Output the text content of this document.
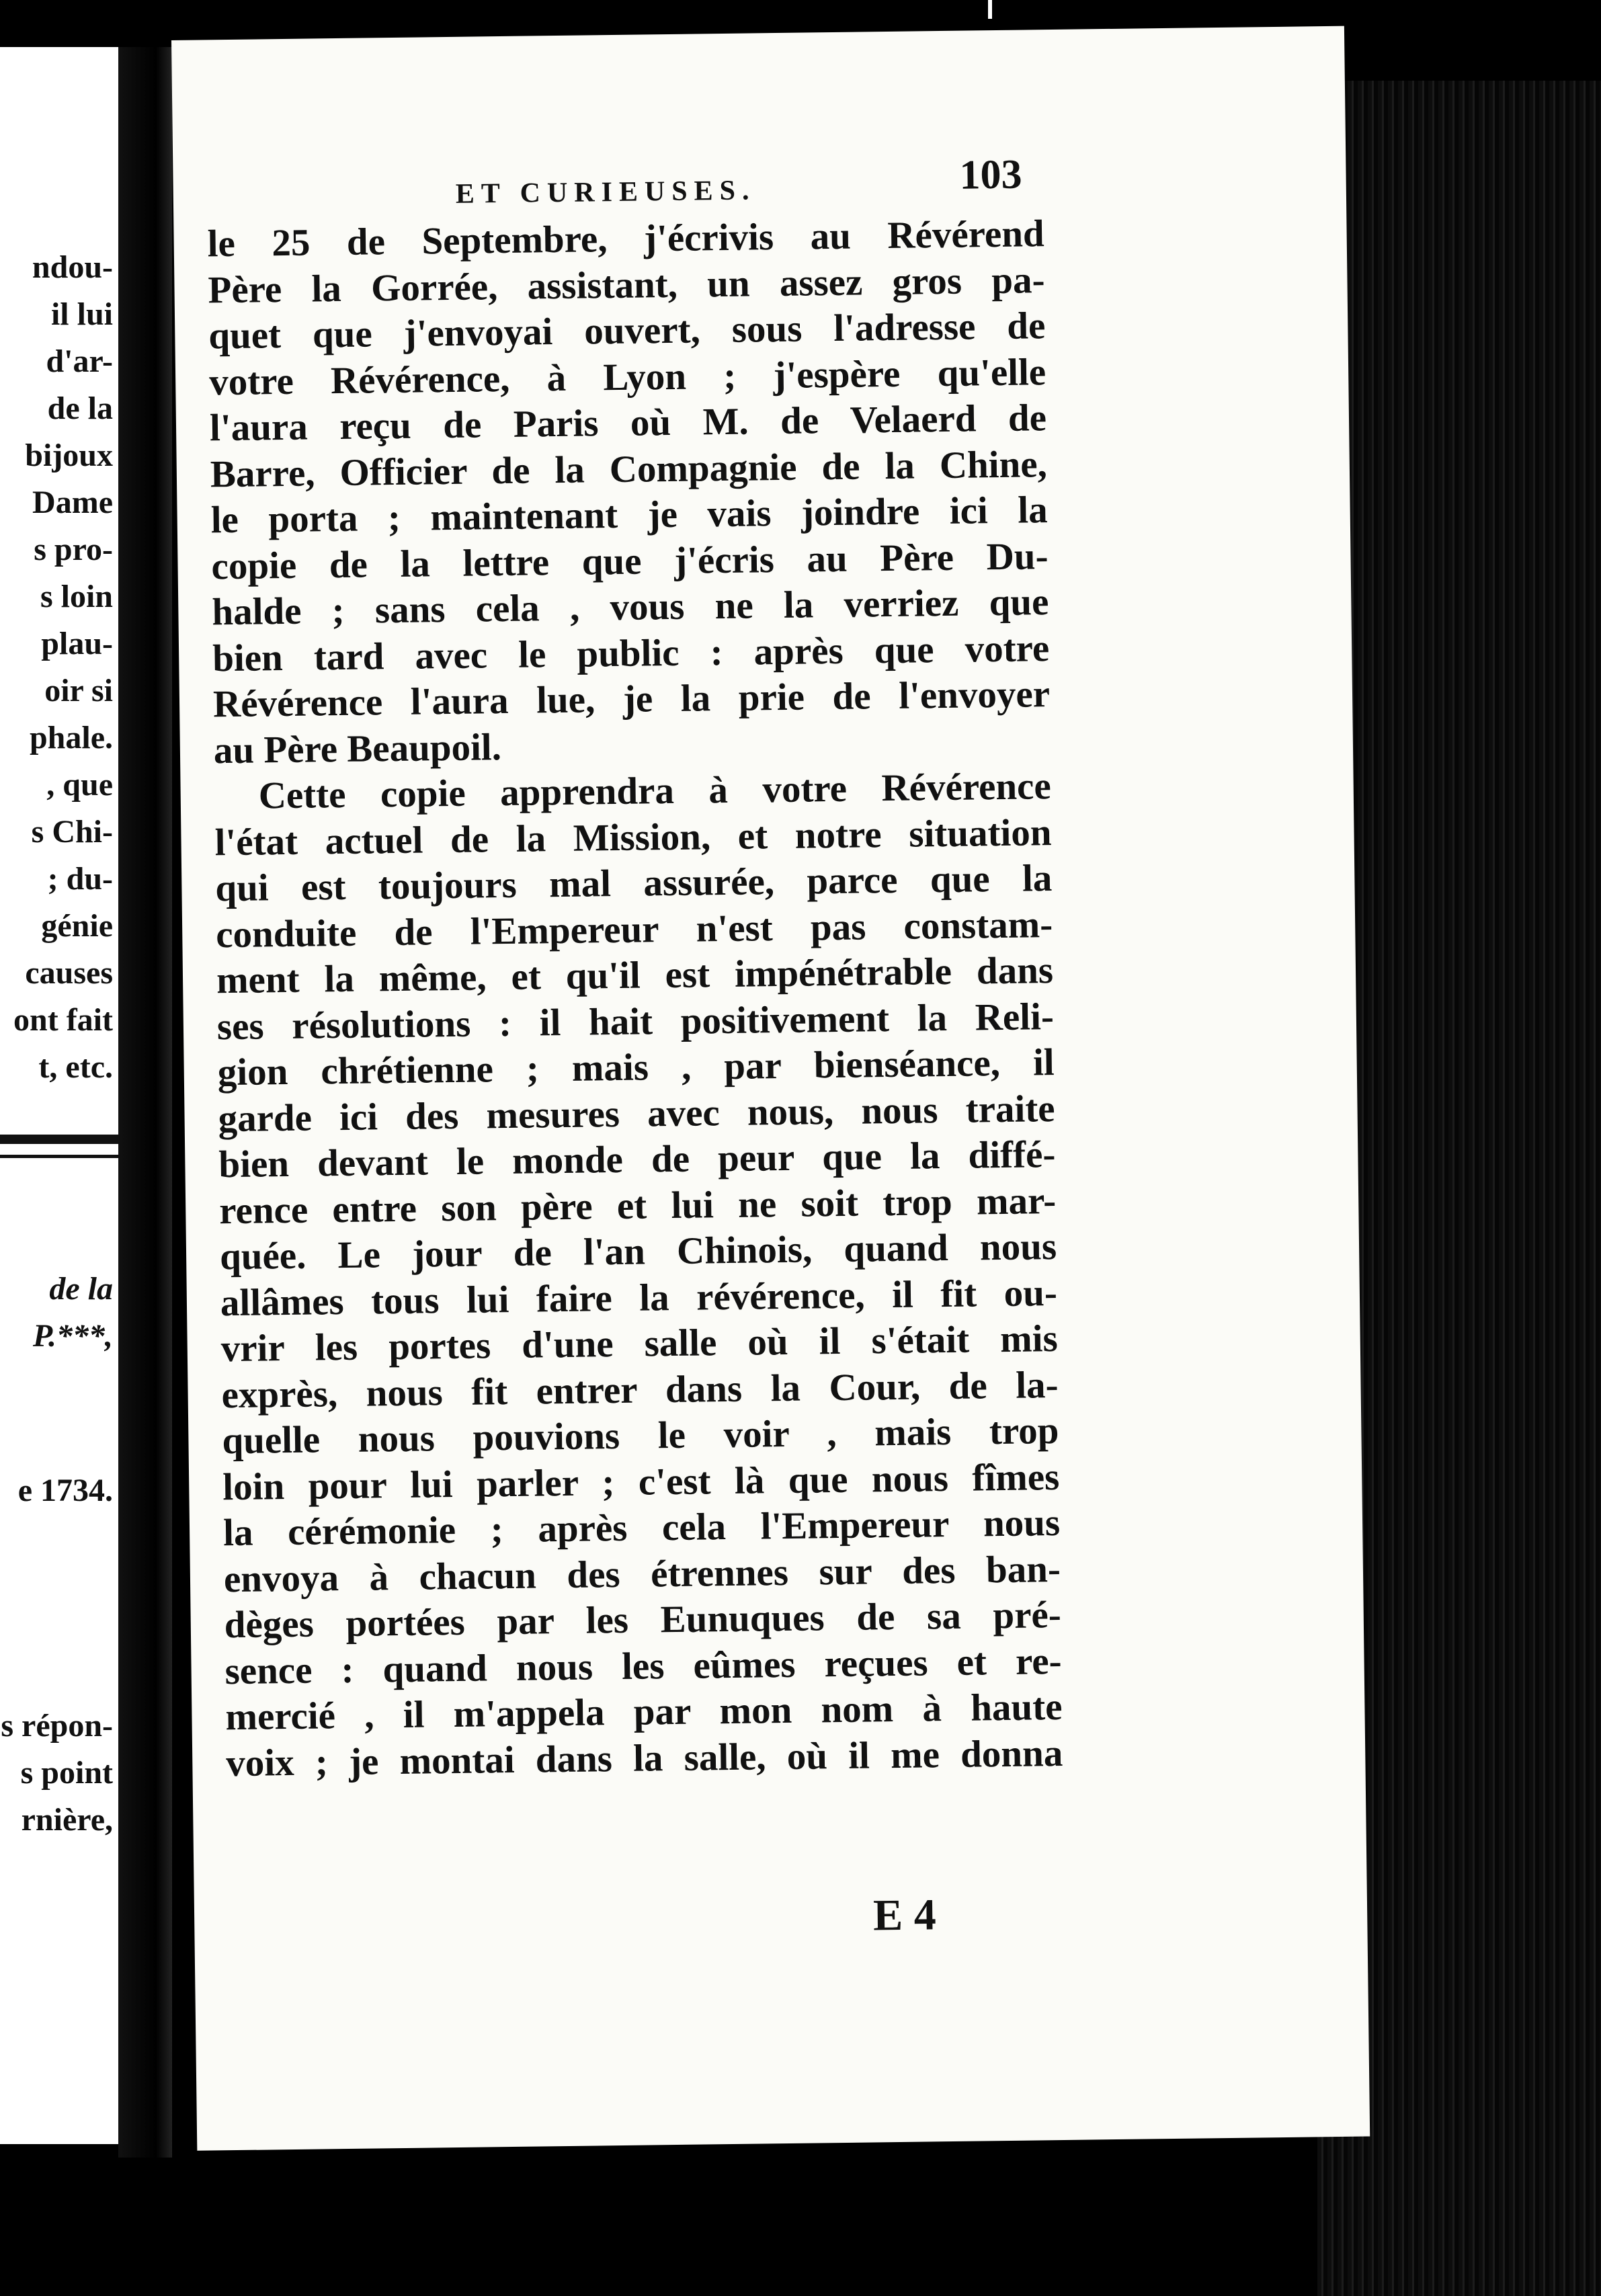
ndou-
il lui
d'ar-
de la
bijoux
Dame
s pro-
s loin
plau-
oir si
phale.
, que
s Chi-
; du-
génie
causes
ont fait
t, etc.
de la
P.***,
e 1734.
s répon-
s point
rnière,
ET CURIEUSES.	103
le 25 de Septembre, j'écrivis au Révérend
Père la Gorrée, assistant, un assez gros pa-
quet que j'envoyai ouvert, sous l'adresse de
votre Révérence, à Lyon ; j'espère qu'elle
l'aura reçu de Paris où M. de Velaerd de
Barre, Officier de la Compagnie de la Chine,
le porta ; maintenant je vais joindre ici la
copie de la lettre que j'écris au Père Du-
halde ; sans cela , vous ne la verriez que
bien tard avec le public : après que votre
Révérence l'aura lue, je la prie de l'envoyer
au Père Beaupoil.
Cette copie apprendra à votre Révérence
l'état actuel de la Mission, et notre situation
qui est toujours mal assurée, parce que la
conduite de l'Empereur n'est pas constam-
ment la même, et qu'il est impénétrable dans
ses résolutions : il hait positivement la Reli-
gion chrétienne ; mais , par bienséance, il
garde ici des mesures avec nous, nous traite
bien devant le monde de peur que la diffé-
rence entre son père et lui ne soit trop mar-
quée. Le jour de l'an Chinois, quand nous
allâmes tous lui faire la révérence, il fit ou-
vrir les portes d'une salle où il s'était mis
exprès, nous fit entrer dans la Cour, de la-
quelle nous pouvions le voir , mais trop
loin pour lui parler ; c'est là que nous fîmes
la cérémonie ; après cela l'Empereur nous
envoya à chacun des étrennes sur des ban-
dèges portées par les Eunuques de sa pré-
sence : quand nous les eûmes reçues et re-
mercié , il m'appela par mon nom à haute
voix ; je montai dans la salle, où il me donna
E 4
